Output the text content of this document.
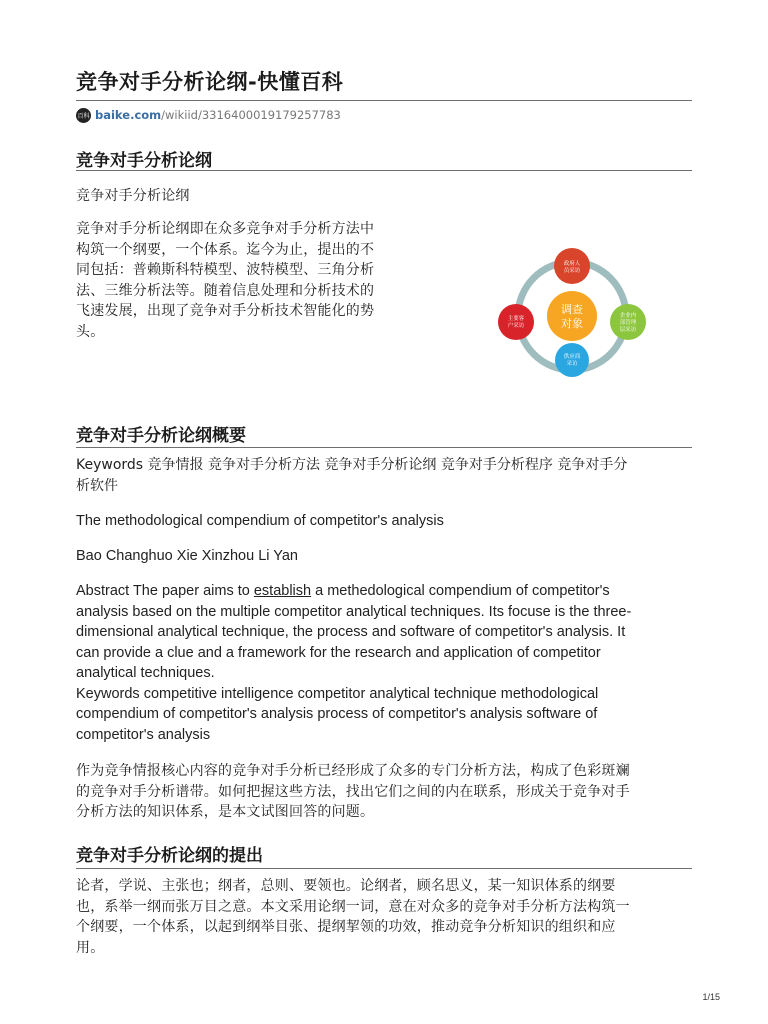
竞争对手分析论纲-快懂百科
百科 baike.com /wikiid/3316400019179257783
竞争对手分析论纲
竞争对手分析论纲
竞争对手分析论纲即在众多竞争对手分析方法中
构筑一个纲要，一个体系。迄今为止，提出的不
同包括：普赖斯科特模型、波特模型、三角分析
法、三维分析法等。随着信息处理和分析技术的
飞速发展，出现了竞争对手分析技术智能化的势
头。
调查
对象
政府人
员采访
企业内
部管理
层采访
供应商
采访
主要客
户采访
竞争对手分析论纲概要
Keywords 竞争情报 竞争对手分析方法 竞争对手分析论纲 竞争对手分析程序 竞争对手分
析软件
The methodological compendium of competitor's analysis
Bao Changhuo Xie Xinzhou Li Yan
Abstract The paper aims to establish a methedological compendium of competitor's
analysis based on the multiple competitor analytical techniques. Its focuse is the three-
dimensional analytical technique, the process and software of competitor's analysis. It
can provide a clue and a framework for the research and application of competitor
analytical techniques.
Keywords competitive intelligence competitor analytical technique methodological
compendium of competitor's analysis process of competitor's analysis software of
competitor's analysis
作为竞争情报核心内容的竞争对手分析已经形成了众多的专门分析方法，构成了色彩斑斓
的竞争对手分析谱带。如何把握这些方法，找出它们之间的内在联系，形成关于竞争对手
分析方法的知识体系，是本文试图回答的问题。
竞争对手分析论纲的提出
论者，学说、主张也；纲者，总则、要领也。论纲者，顾名思义，某一知识体系的纲要
也，系举一纲而张万目之意。本文采用论纲一词，意在对众多的竞争对手分析方法构筑一
个纲要，一个体系，以起到纲举目张、提纲挈领的功效，推动竞争分析知识的组织和应
用。
1/15
